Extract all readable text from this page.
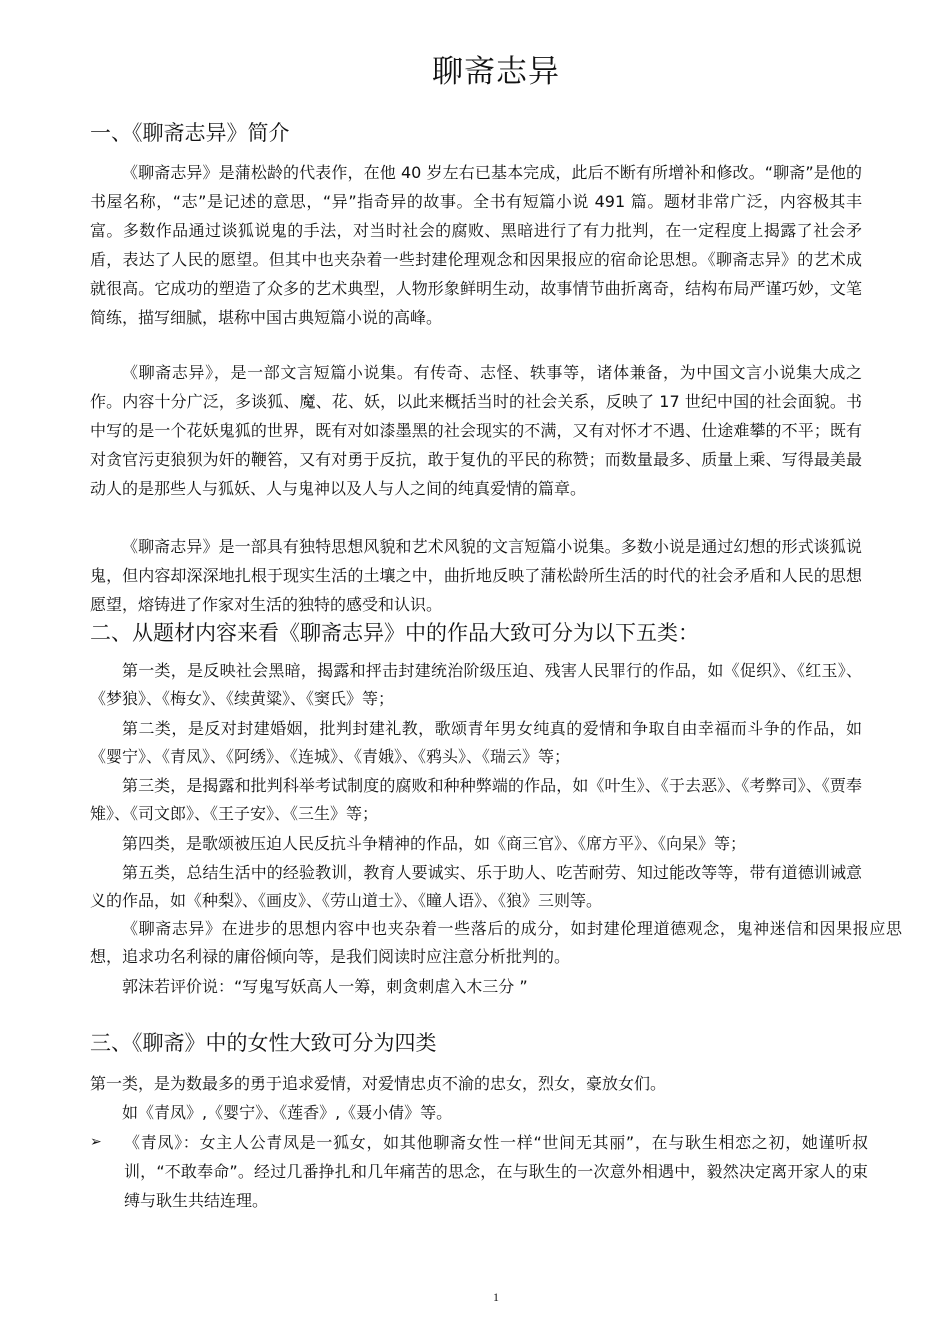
聊斋志异
一、《聊斋志异》简介

《聊斋志异》是蒲松龄的代表作，在他 40 岁左右已基本完成，此后不断有所增补和修改。“聊斋”是他的书屋名称，“志”是记述的意思，“异”指奇异的故事。全书有短篇小说 491 篇。题材非常广泛，内容极其丰富。多数作品通过谈狐说鬼的手法，对当时社会的腐败、黑暗进行了有力批判，在一定程度上揭露了社会矛盾，表达了人民的愿望。但其中也夹杂着一些封建伦理观念和因果报应的宿命论思想。《聊斋志异》的艺术成就很高。它成功的塑造了众多的艺术典型，人物形象鲜明生动，故事情节曲折离奇，结构布局严谨巧妙，文笔简练，描写细腻，堪称中国古典短篇小说的高峰。

《聊斋志异》，是一部文言短篇小说集。有传奇、志怪、轶事等，诸体兼备，为中国文言小说集大成之作。内容十分广泛，多谈狐、魔、花、妖，以此来概括当时的社会关系，反映了 17 世纪中国的社会面貌。书中写的是一个花妖鬼狐的世界，既有对如漆墨黑的社会现实的不满，又有对怀才不遇、仕途难攀的不平；既有对贪官污吏狼狈为奸的鞭笞，又有对勇于反抗，敢于复仇的平民的称赞；而数量最多、质量上乘、写得最美最动人的是那些人与狐妖、人与鬼神以及人与人之间的纯真爱情的篇章。

《聊斋志异》是一部具有独特思想风貌和艺术风貌的文言短篇小说集。多数小说是通过幻想的形式谈狐说鬼，但内容却深深地扎根于现实生活的土壤之中，曲折地反映了蒲松龄所生活的时代的社会矛盾和人民的思想愿望，熔铸进了作家对生活的独特的感受和认识。

二、从题材内容来看《聊斋志异》中的作品大致可分为以下五类：

第一类，是反映社会黑暗，揭露和抨击封建统治阶级压迫、残害人民罪行的作品，如《促织》、《红玉》、《梦狼》、《梅女》、《续黄粱》、《窦氏》等；

第二类，是反对封建婚姻，批判封建礼教，歌颂青年男女纯真的爱情和争取自由幸福而斗争的作品，如《婴宁》、《青凤》、《阿绣》、《连城》、《青娥》、《鸦头》、《瑞云》等；

第三类，是揭露和批判科举考试制度的腐败和种种弊端的作品，如《叶生》、《于去恶》、《考弊司》、《贾奉雉》、《司文郎》、《王子安》、《三生》等；

第四类，是歌颂被压迫人民反抗斗争精神的作品，如《商三官》、《席方平》、《向杲》等；

第五类，总结生活中的经验教训，教育人要诚实、乐于助人、吃苦耐劳、知过能改等等，带有道德训诫意义的作品，如《种梨》、《画皮》、《劳山道士》、《瞳人语》、《狼》三则等。

《聊斋志异》在进步的思想内容中也夹杂着一些落后的成分，如封建伦理道德观念，鬼神迷信和因果报应思想，追求功名利禄的庸俗倾向等，是我们阅读时应注意分析批判的。

郭沫若评价说：“写鬼写妖高人一筹，刺贪刺虐入木三分 ”

三、《聊斋》中的女性大致可分为四类

第一类，是为数最多的勇于追求爱情，对爱情忠贞不渝的忠女，烈女，豪放女们。

如《青凤》,《婴宁》、《莲香》,《聂小倩》等。

➢ 《青凤》：女主人公青凤是一狐女，如其他聊斋女性一样“世间无其丽”，在与耿生相恋之初，她谨听叔训，“不敢奉命”。经过几番挣扎和几年痛苦的思念，在与耿生的一次意外相遇中，毅然决定离开家人的束缚与耿生共结连理。
1
